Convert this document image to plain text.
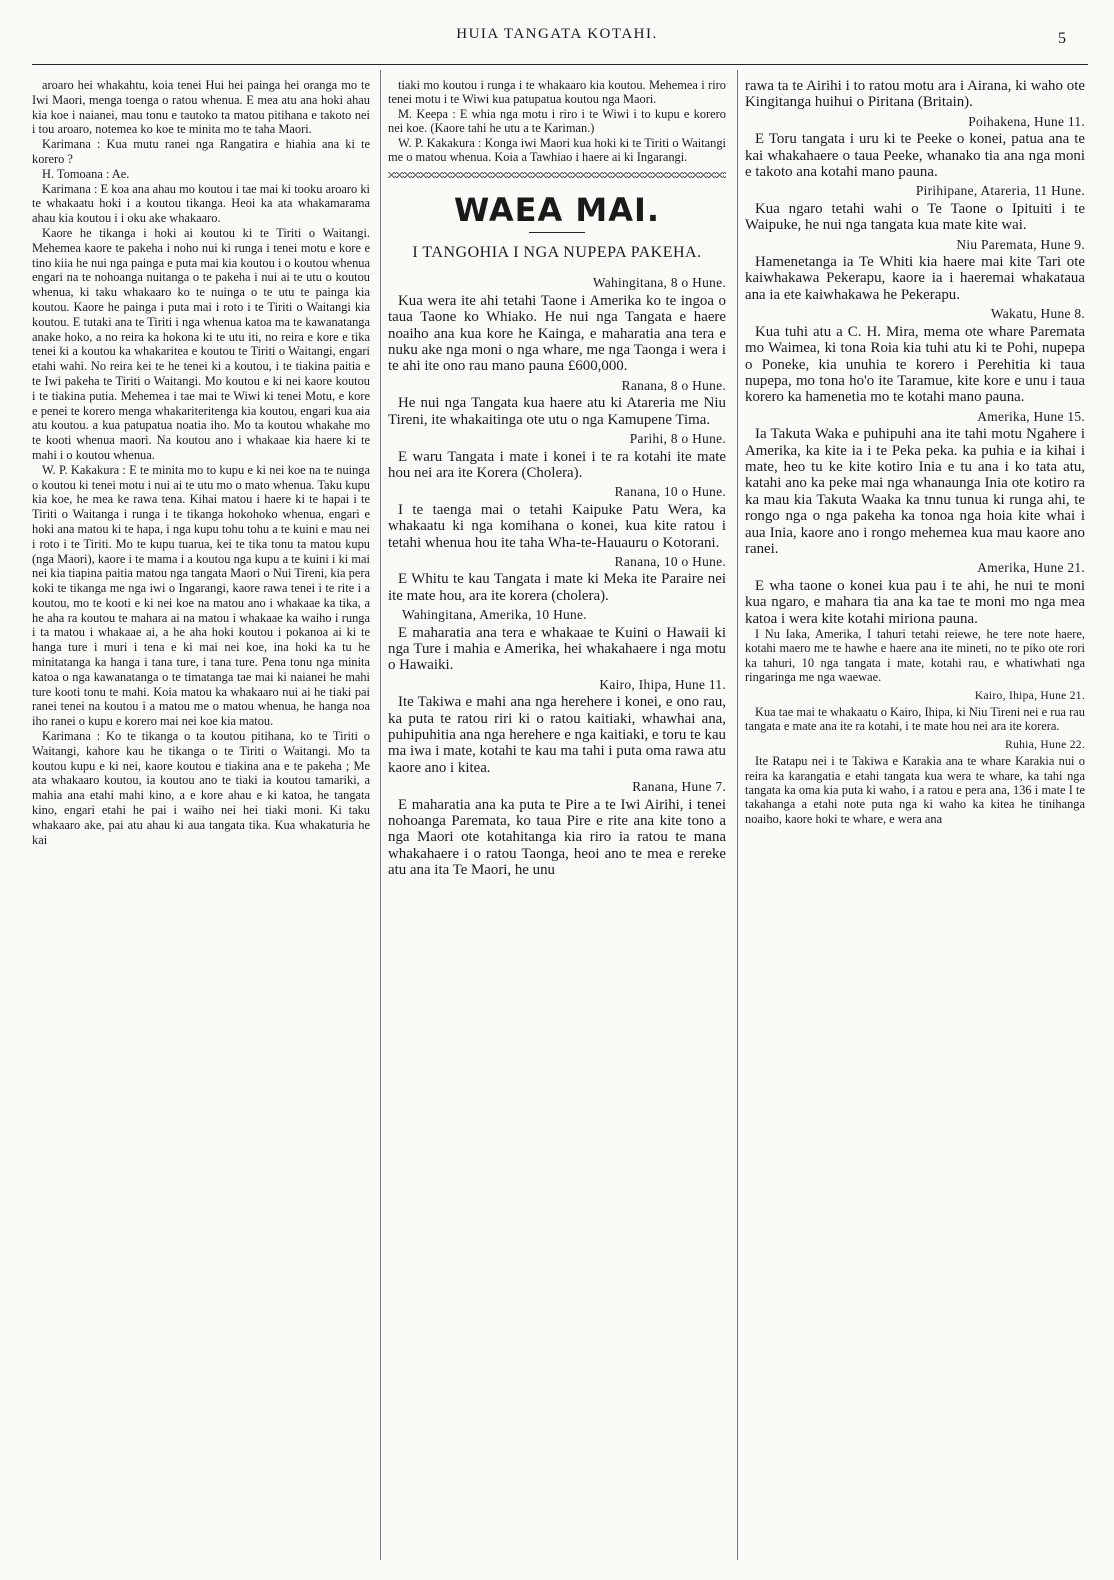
HUIA TANGATA KOTAHI.	5

aroaro hei whakahtu, koia tenei Hui hei painga hei oranga mo te Iwi Maori, menga toenga o ratou whenua. E mea atu ana hoki ahau kia koe i naianei, mau tonu e tautoko ta matou pitihana e takoto nei i tou aroaro, notemea ko koe te minita mo te taha Maori.

Karimana : Kua mutu ranei nga Rangatira e hiahia ana ki te korero ?

H. Tomoana : Ae.

Karimana : E koa ana ahau mo koutou i tae mai ki tooku aroaro ki te whakaatu hoki i a koutou tikanga. Heoi ka ata whakamarama ahau kia koutou i i oku ake whakaaro.

Kaore he tikanga i hoki ai koutou ki te Tiriti o Waitangi. Mehemea kaore te pakeha i noho nui ki runga i tenei motu e kore e tino kiia he nui nga painga e puta mai kia koutou i o koutou whenua engari na te nohoanga nuitanga o te pakeha i nui ai te utu o koutou whenua, ki taku whakaaro ko te nuinga o te utu te painga kia koutou. Kaore he painga i puta mai i roto i te Tiriti o Waitangi kia koutou. E tutaki ana te Tiriti i nga whenua katoa ma te kawanatanga anake hoko, a no reira ka hokona ki te utu iti, no reira e kore e tika tenei ki a koutou ka whakaritea e koutou te Tiriti o Waitangi, engari etahi wahi. No reira kei te he tenei ki a koutou, i te tiakina paitia e te Iwi pakeha te Tiriti o Waitangi. Mo koutou e ki nei kaore koutou i te tiakina putia. Mehemea i tae mai te Wiwi ki tenei Motu, e kore e penei te korero menga whakariteritenga kia koutou, engari kua aia atu koutou. a kua patupatua noatia iho. Mo ta koutou whakahe mo te kooti whenua maori. Na koutou ano i whakaae kia haere ki te mahi i o koutou whenua.

W. P. Kakakura : E te minita mo to kupu e ki nei koe na te nuinga o koutou ki tenei motu i nui ai te utu mo o mato whenua. Taku kupu kia koe, he mea ke rawa tena. Kihai matou i haere ki te hapai i te Tiriti o Waitanga i runga i te tikanga hokohoko whenua, engari e hoki ana matou ki te hapa, i nga kupu tohu tohu a te kuini e mau nei i roto i te Tiriti. Mo te kupu tuarua, kei te tika tonu ta matou kupu (nga Maori), kaore i te mama i a koutou nga kupu a te kuini i ki mai nei kia tiapina paitia matou nga tangata Maori o Nui Tireni, kia pera koki te tikanga me nga iwi o Ingarangi, kaore rawa tenei i te rite i a koutou, mo te kooti e ki nei koe na matou ano i whakaae ka tika, a he aha ra koutou te mahara ai na matou i whakaae ka waiho i runga i ta matou i whakaae ai, a he aha hoki koutou i pokanoa ai ki te hanga ture i muri i tena e ki mai nei koe, ina hoki ka tu he minitatanga ka hanga i tana ture, i tana ture. Pena tonu nga minita katoa o nga kawanatanga o te timatanga tae mai ki naianei he mahi ture kooti tonu te mahi. Koia matou ka whakaaro nui ai he tiaki pai ranei tenei na koutou i a matou me o matou whenua, he hanga noa iho ranei o kupu e korero mai nei koe kia matou.

Karimana : Ko te tikanga o ta koutou pitihana, ko te Tiriti o Waitangi, kahore kau he tikanga o te Tiriti o Waitangi. Mo ta koutou kupu e ki nei, kaore koutou e tiakina ana e te pakeha ; Me ata whakaaro koutou, ia koutou ano te tiaki ia koutou tamariki, a mahia ana etahi mahi kino, a e kore ahau e ki katoa, he tangata kino, engari etahi he pai i waiho nei hei tiaki moni. Ki taku whakaaro ake, pai atu ahau ki aua tangata tika. Kua whakaturia he kai

tiaki mo koutou i runga i te whakaaro kia koutou. Mehemea i riro tenei motu i te Wiwi kua patupatua koutou nga Maori.

M. Keepa : E whia nga motu i riro i te Wiwi i to kupu e korero nei koe. (Kaore tahi he utu a te Kariman.)

W. P. Kakakura : Konga iwi Maori kua hoki ki te Tiriti o Waitangi me o matou whenua. Koia a Tawhiao i haere ai ki Ingarangi.

WAEA MAI.
I TANGOHIA I NGA NUPEPA PAKEHA.
Wahingitana, 8 o Hune.

Kua wera ite ahi tetahi Taone i Amerika ko te ingoa o taua Taone ko Whiako. He nui nga Tangata e haere noaiho ana kua kore he Kainga, e maharatia ana tera e nuku ake nga moni o nga whare, me nga Taonga i wera i te ahi ite ono rau mano pauna £600,000.

Ranana, 8 o Hune.

He nui nga Tangata kua haere atu ki Atareria me Niu Tireni, ite whakaitinga ote utu o nga Kamupene Tima.

Parihi, 8 o Hune.

E waru Tangata i mate i konei i te ra kotahi ite mate hou nei ara ite Korera (Cholera).

Ranana, 10 o Hune.

I te taenga mai o tetahi Kaipuke Patu Wera, ka whakaatu ki nga komihana o konei, kua kite ratou i tetahi whenua hou ite taha Wha-te-Hauauru o Kotorani.

Ranana, 10 o Hune.

E Whitu te kau Tangata i mate ki Meka ite Paraire nei ite mate hou, ara ite korera (cholera).

Wahingitana, Amerika, 10 Hune.

E maharatia ana tera e whakaae te Kuini o Hawaii ki nga Ture i mahia e Amerika, hei whakahaere i nga motu o Hawaiki.

Kairo, Ihipa, Hune 11.

Ite Takiwa e mahi ana nga herehere i konei, e ono rau, ka puta te ratou riri ki o ratou kaitiaki, whawhai ana, puhipuhitia ana nga herehere e nga kaitiaki, e toru te kau ma iwa i mate, kotahi te kau ma tahi i puta oma rawa atu kaore ano i kitea.

Ranana, Hune 7.

E maharatia ana ka puta te Pire a te Iwi Airihi, i tenei nohoanga Paremata, ko taua Pire e rite ana kite tono a nga Maori ote kotahitanga kia riro ia ratou te mana whakahaere i o ratou Taonga, heoi ano te mea e rereke atu ana ita Te Maori, he unu

rawa ta te Airihi i to ratou motu ara i Airana, ki waho ote Kingitanga huihui o Piritana (Britain).

Poihakena, Hune 11.

E Toru tangata i uru ki te Peeke o konei, patua ana te kai whakahaere o taua Peeke, whanako tia ana nga moni e takoto ana kotahi mano pauna.

Pirihipane, Atareria, 11 Hune.

Kua ngaro tetahi wahi o Te Taone o Ipituiti i te Waipuke, he nui nga tangata kua mate kite wai.

Niu Paremata, Hune 9.

Hamenetanga ia Te Whiti kia haere mai kite Tari ote kaiwhakawa Pekerapu, kaore ia i haeremai whakataua ana ia ete kaiwhakawa he Pekerapu.

Wakatu, Hune 8.

Kua tuhi atu a C. H. Mira, mema ote whare Paremata mo Waimea, ki tona Roia kia tuhi atu ki te Pohi, nupepa o Poneke, kia unuhia te korero i Perehitia ki taua nupepa, mo tona ho'o ite Taramue, kite kore e unu i taua korero ka hamenetia mo te kotahi mano pauna.

Amerika, Hune 15.

Ia Takuta Waka e puhipuhi ana ite tahi motu Ngahere i Amerika, ka kite ia i te Peka peka. ka puhia e ia kihai i mate, heo tu ke kite kotiro Inia e tu ana i ko tata atu, katahi ano ka peke mai nga whanaunga Inia ote kotiro ra ka mau kia Takuta Waaka ka tnnu tunua ki runga ahi, te rongo nga o nga pakeha ka tonoa nga hoia kite whai i aua Inia, kaore ano i rongo mehemea kua mau kaore ano ranei.

Amerika, Hune 21.

E wha taone o konei kua pau i te ahi, he nui te moni kua ngaro, e mahara tia ana ka tae te moni mo nga mea katoa i wera kite kotahi miriona pauna.

I Nu Iaka, Amerika, I tahuri tetahi reiewe, he tere note haere, kotahi maero me te hawhe e haere ana ite mineti, no te piko ote rori ka tahuri, 10 nga tangata i mate, kotahi rau, e whatiwhati nga ringaringa me nga waewae.

Kairo, Ihipa, Hune 21.

Kua tae mai te whakaatu o Kairo, Ihipa, ki Niu Tireni nei e rua rau tangata e mate ana ite ra kotahi, i te mate hou nei ara ite korera.

Ruhia, Hune 22.

Ite Ratapu nei i te Takiwa e Karakia ana te whare Karakia nui o reira ka karangatia e etahi tangata kua wera te whare, ka tahi nga tangata ka oma kia puta ki waho, i a ratou e pera ana, 136 i mate I te takahanga a etahi note puta nga ki waho ka kitea he tinihanga noaiho, kaore hoki te whare, e wera ana
